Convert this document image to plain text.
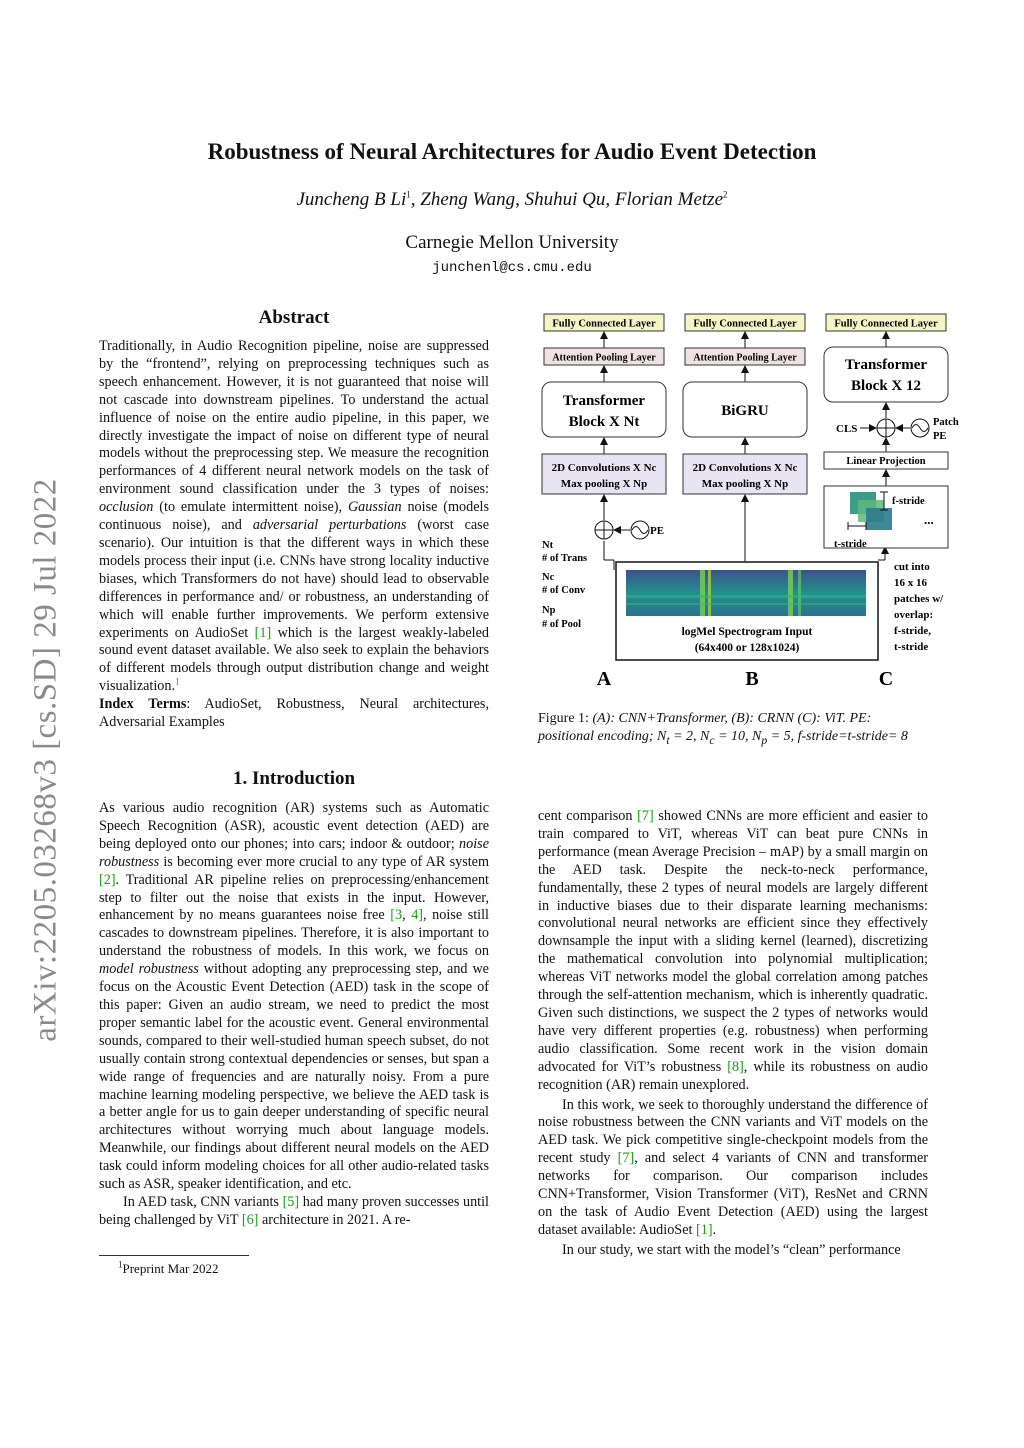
arXiv:2205.03268v3 [cs.SD] 29 Jul 2022
Robustness of Neural Architectures for Audio Event Detection
Juncheng B Li$^1$, Zheng Wang, Shuhui Qu, Florian Metze$^2$
Carnegie Mellon University
junchenl@cs.cmu.edu
Abstract

Traditionally, in Audio Recognition pipeline, noise are suppressed by the “frontend”, relying on preprocessing techniques such as speech enhancement. However, it is not guaranteed that noise will not cascade into downstream pipelines. To understand the actual influence of noise on the entire audio pipeline, in this paper, we directly investigate the impact of noise on different type of neural models without the preprocessing step. We measure the recognition performances of 4 different neural network models on the task of environment sound classification under the 3 types of noises: occlusion (to emulate intermittent noise), Gaussian noise (models continuous noise), and adversarial perturbations (worst case scenario). Our intuition is that the different ways in which these models process their input (i.e. CNNs have strong locality inductive biases, which Transformers do not have) should lead to observable differences in performance and/ or robustness, an understanding of which will enable further improvements. We perform extensive experiments on AudioSet [1] which is the largest weakly-labeled sound event dataset available. We also seek to explain the behaviors of different models through output distribution change and weight visualization.$^1$

Index Terms: AudioSet, Robustness, Neural architectures, Adversarial Examples

1. Introduction

As various audio recognition (AR) systems such as Automatic Speech Recognition (ASR), acoustic event detection (AED) are being deployed onto our phones; into cars; indoor & outdoor; noise robustness is becoming ever more crucial to any type of AR system [2]. Traditional AR pipeline relies on preprocessing/enhancement step to filter out the noise that exists in the input. However, enhancement by no means guarantees noise free [3, 4], noise still cascades to downstream pipelines. Therefore, it is also important to understand the robustness of models. In this work, we focus on model robustness without adopting any preprocessing step, and we focus on the Acoustic Event Detection (AED) task in the scope of this paper: Given an audio stream, we need to predict the most proper semantic label for the acoustic event. General environmental sounds, compared to their well-studied human speech subset, do not usually contain strong contextual dependencies or senses, but span a wide range of frequencies and are naturally noisy. From a pure machine learning modeling perspective, we believe the AED task is a better angle for us to gain deeper understanding of specific neural architectures without worrying much about language models. Meanwhile, our findings about different neural models on the AED task could inform modeling choices for all other audio-related tasks such as ASR, speaker identification, and etc.

In AED task, CNN variants [5] had many proven successes until being challenged by ViT [6] architecture in 2021. A re-

$^1$Preprint Mar 2022

cent comparison [7] showed CNNs are more efficient and easier to train compared to ViT, whereas ViT can beat pure CNNs in performance (mean Average Precision – mAP) by a small margin on the AED task. Despite the neck-to-neck performance, fundamentally, these 2 types of neural models are largely different in inductive biases due to their disparate learning mechanisms: convolutional neural networks are efficient since they effectively downsample the input with a sliding kernel (learned), discretizing the mathematical convolution into polynomial multiplication; whereas ViT networks model the global correlation among patches through the self-attention mechanism, which is inherently quadratic. Given such distinctions, we suspect the 2 types of networks would have very different properties (e.g. robustness) when performing audio classification. Some recent work in the vision domain advocated for ViT’s robustness [8], while its robustness on audio recognition (AR) remain unexplored.

In this work, we seek to thoroughly understand the difference of noise robustness between the CNN variants and ViT models on the AED task. We pick competitive single-checkpoint models from the recent study [7], and select 4 variants of CNN and transformer networks for comparison. Our comparison includes CNN+Transformer, Vision Transformer (ViT), ResNet and CRNN on the task of Audio Event Detection (AED) using the largest dataset available: AudioSet [1].

In our study, we start with the model’s “clean” performance

Fully Connected Layer
Attention Pooling Layer
Transformer
Block X Nt
2D Convolutions X Nc
Max pooling X Np
PE
Nt
# of Trans
Nc
# of Conv
Np
# of Pool
Fully Connected Layer
Attention Pooling Layer
BiGRU
2D Convolutions X Nc
Max pooling X Np
logMel Spectrogram Input
(64x400 or 128x1024)
Fully Connected Layer
Transformer
Block X 12
CLS
Patch
PE
Linear Projection
f-stride
...
t-stride
cut into
16 x 16
patches w/
overlap:
f-stride,
t-stride
A	B	C
Figure 1: (A): CNN+Transformer, (B): CRNN (C): ViT. PE: positional encoding; $N_t = 2$, $N_c = 10$, $N_p = 5$, f-stride=t-stride= 8
